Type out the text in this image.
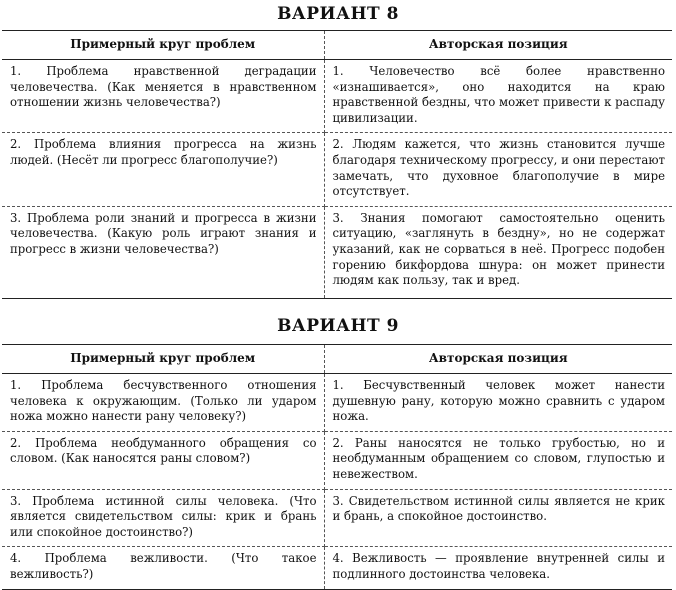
ВАРИАНТ 8
Примерный круг проблем	Авторская позиция
1. Проблема нравственной деградации человечества. (Как меняется в нравственном отношении жизнь человечества?)	1. Человечество всё более нравственно «изнашивается», оно находится на краю нравственной бездны, что может привести к распаду цивилизации.
2. Проблема влияния прогресса на жизнь людей. (Несёт ли прогресс благополучие?)	2. Людям кажется, что жизнь становится лучше благодаря техническому прогрессу, и они перестают замечать, что духовное благополучие в мире отсутствует.
3. Проблема роли знаний и прогресса в жизни человечества. (Какую роль играют знания и прогресс в жизни человечества?)	3. Знания помогают самостоятельно оценить ситуацию, «заглянуть в бездну», но не содержат указаний, как не сорваться в неё. Прогресс подобен горению бикфордова шнура: он может принести людям как пользу, так и вред.
ВАРИАНТ 9
Примерный круг проблем	Авторская позиция
1. Проблема бесчувственного отношения человека к окружающим. (Только ли ударом ножа можно нанести рану человеку?)	1. Бесчувственный человек может нанести душевную рану, которую можно сравнить с ударом ножа.
2. Проблема необдуманного обращения со словом. (Как наносятся раны словом?)	2. Раны наносятся не только грубостью, но и необдуманным обращением со словом, глупостью и невежеством.
3. Проблема истинной силы человека. (Что является свидетельством силы: крик и брань или спокойное достоинство?)	3. Свидетельством истинной силы является не крик и брань, а спокойное достоинство.
4. Проблема вежливости. (Что такое вежливость?)	4. Вежливость — проявление внутренней силы и подлинного достоинства человека.
